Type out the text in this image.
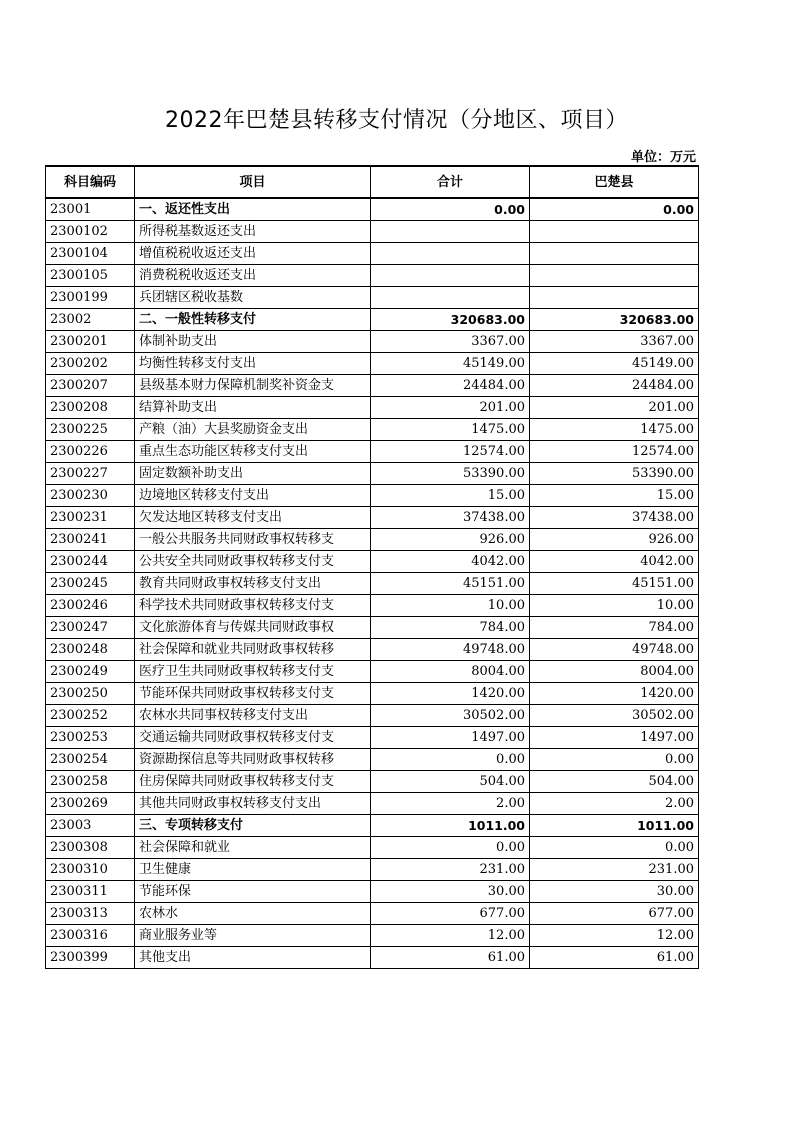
2022年巴楚县转移支付情况（分地区、项目）
单位：万元
科目编码	项目	合计	巴楚县
23001	一、返还性支出	0.00	0.00
2300102	所得税基数返还支出		
2300104	增值税税收返还支出		
2300105	消费税税收返还支出		
2300199	兵团辖区税收基数		
23002	二、一般性转移支付	320683.00	320683.00
2300201	体制补助支出	3367.00	3367.00
2300202	均衡性转移支付支出	45149.00	45149.00
2300207	县级基本财力保障机制奖补资金支	24484.00	24484.00
2300208	结算补助支出	201.00	201.00
2300225	产粮（油）大县奖励资金支出	1475.00	1475.00
2300226	重点生态功能区转移支付支出	12574.00	12574.00
2300227	固定数额补助支出	53390.00	53390.00
2300230	边境地区转移支付支出	15.00	15.00
2300231	欠发达地区转移支付支出	37438.00	37438.00
2300241	一般公共服务共同财政事权转移支	926.00	926.00
2300244	公共安全共同财政事权转移支付支	4042.00	4042.00
2300245	教育共同财政事权转移支付支出	45151.00	45151.00
2300246	科学技术共同财政事权转移支付支	10.00	10.00
2300247	文化旅游体育与传媒共同财政事权	784.00	784.00
2300248	社会保障和就业共同财政事权转移	49748.00	49748.00
2300249	医疗卫生共同财政事权转移支付支	8004.00	8004.00
2300250	节能环保共同财政事权转移支付支	1420.00	1420.00
2300252	农林水共同事权转移支付支出	30502.00	30502.00
2300253	交通运输共同财政事权转移支付支	1497.00	1497.00
2300254	资源勘探信息等共同财政事权转移	0.00	0.00
2300258	住房保障共同财政事权转移支付支	504.00	504.00
2300269	其他共同财政事权转移支付支出	2.00	2.00
23003	三、专项转移支付	1011.00	1011.00
2300308	社会保障和就业	0.00	0.00
2300310	卫生健康	231.00	231.00
2300311	节能环保	30.00	30.00
2300313	农林水	677.00	677.00
2300316	商业服务业等	12.00	12.00
2300399	其他支出	61.00	61.00
